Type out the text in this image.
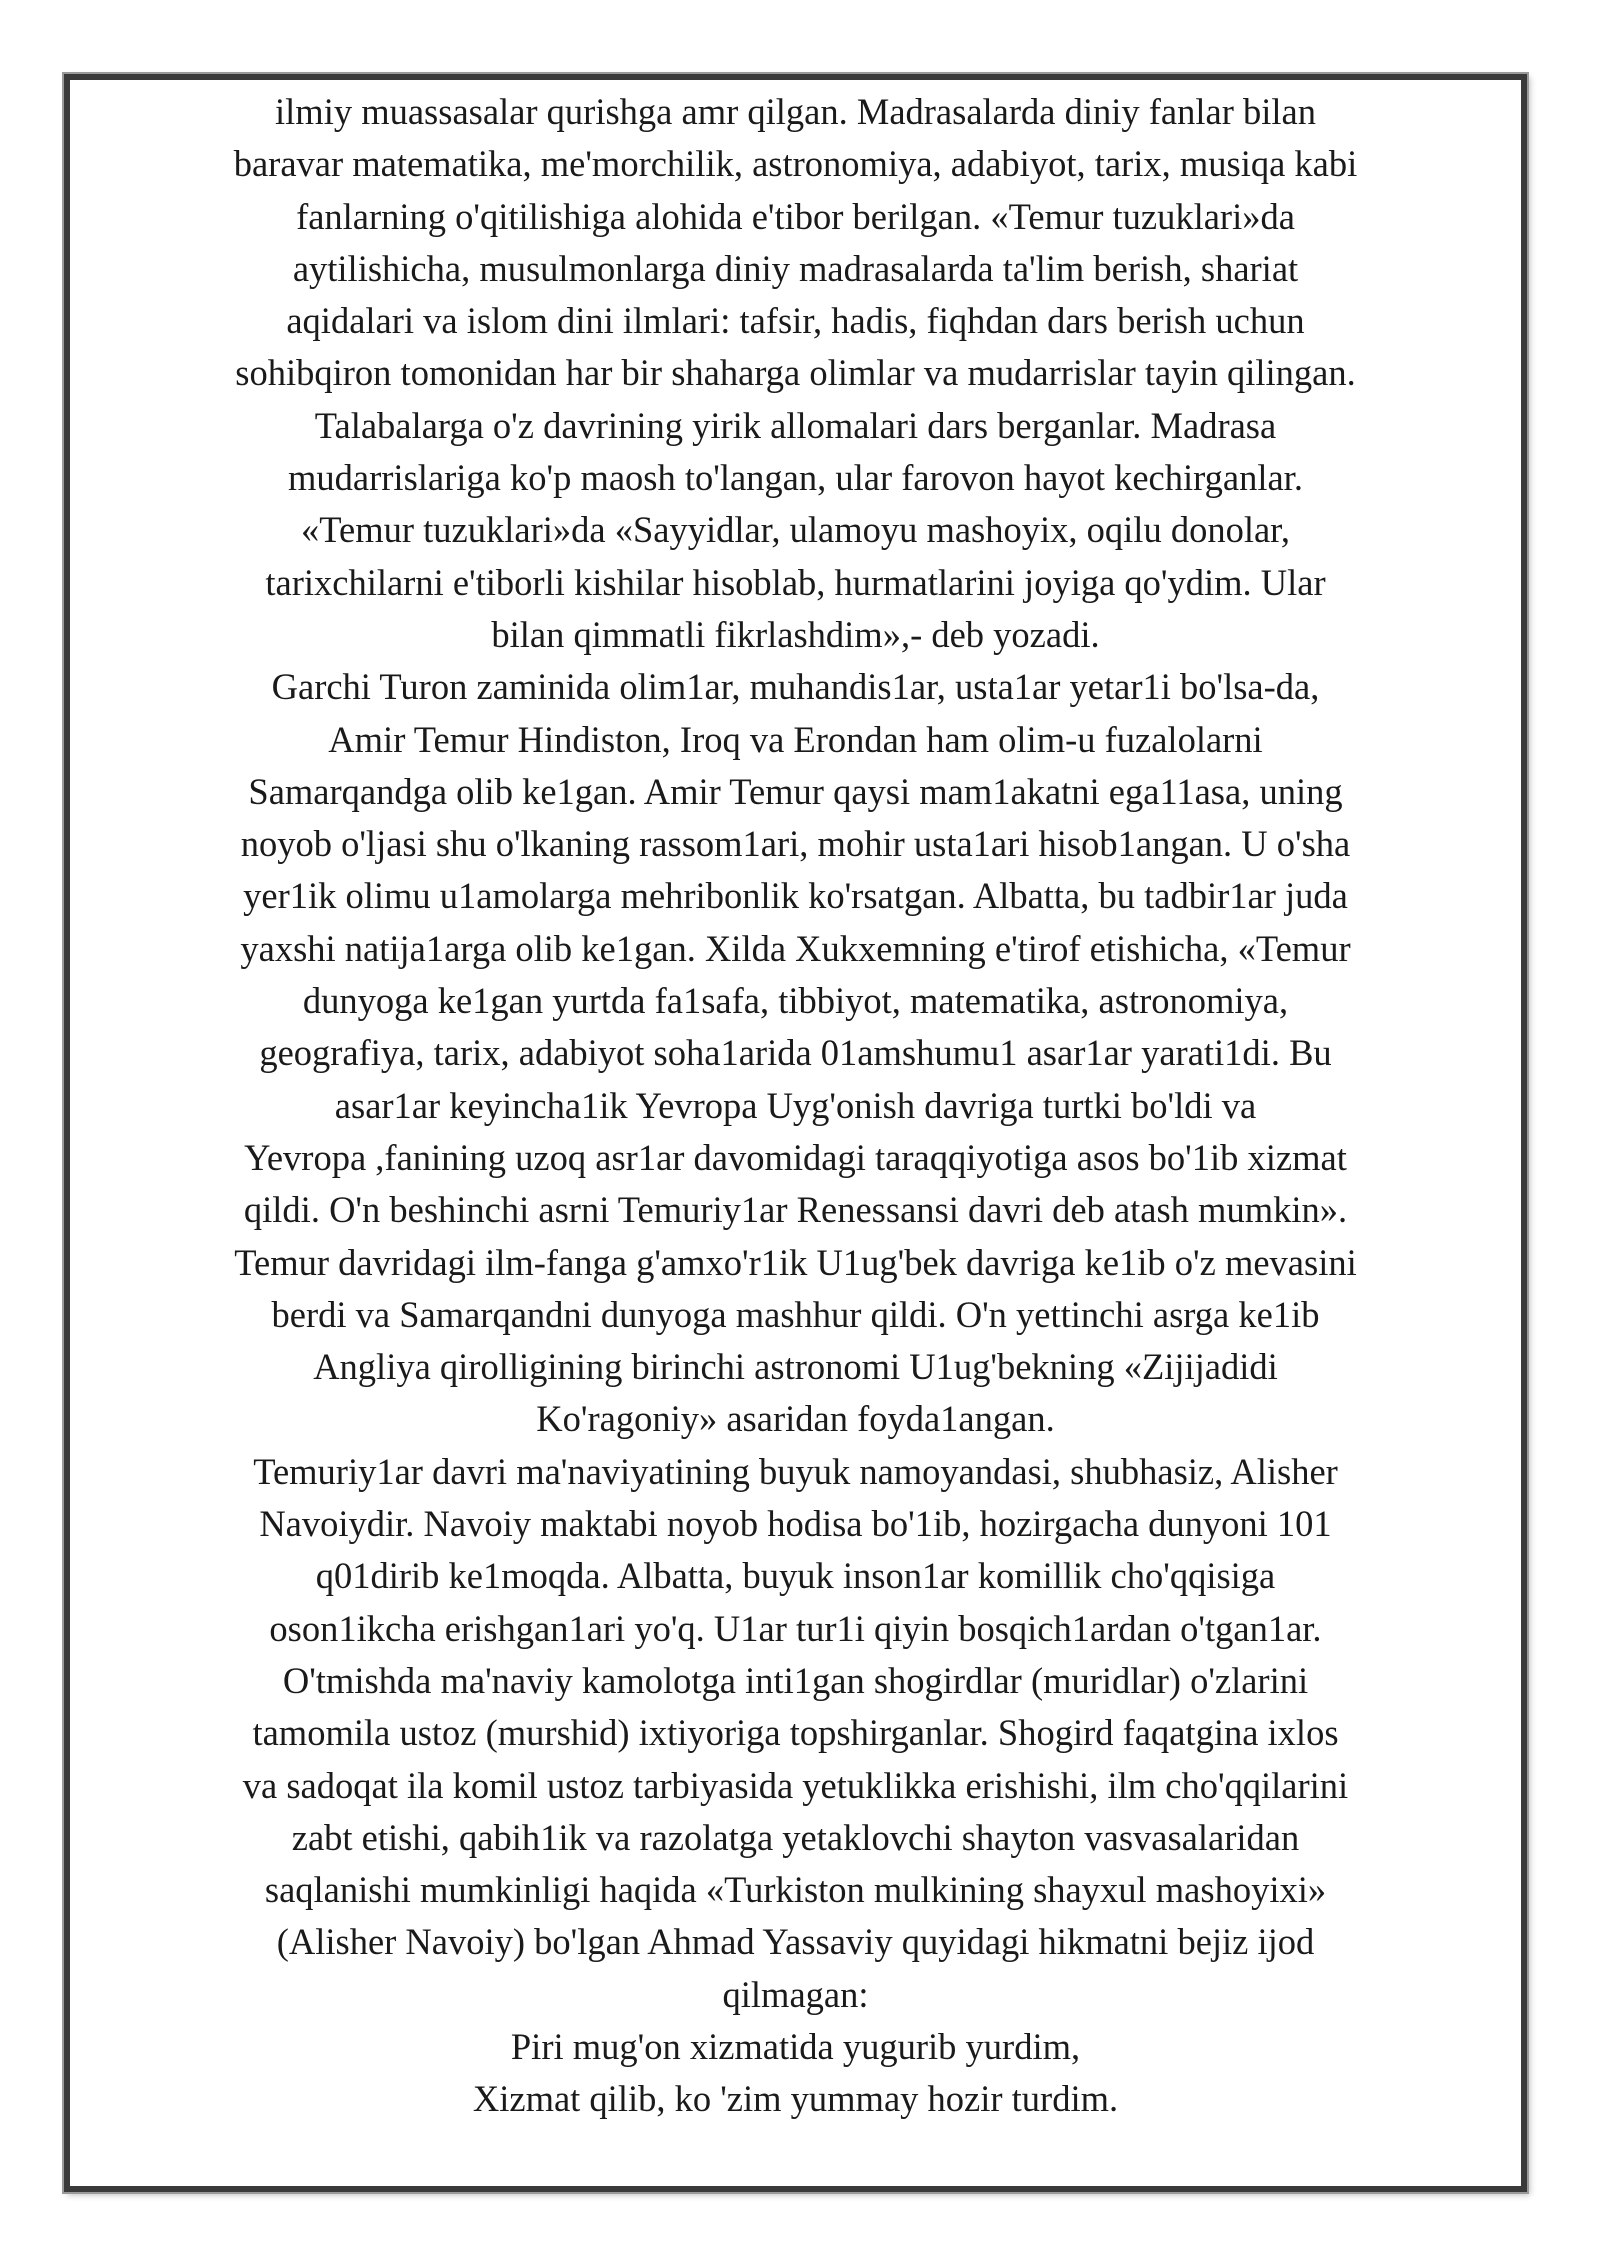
ilmiy muassasalar qurishga amr qilgan. Madrasalarda diniy fanlar bilan
baravar matematika, me'morchilik, astronomiya, adabiyot, tarix, musiqa kabi
fanlarning o'qitilishiga alohida e'tibor berilgan. «Temur tuzuklari»da
aytilishicha, musulmonlarga diniy madrasalarda ta'lim berish, shariat
aqidalari va islom dini ilmlari: tafsir, hadis, fiqhdan dars berish uchun
sohibqiron tomonidan har bir shaharga olimlar va mudarrislar tayin qilingan.
Talabalarga o'z davrining yirik allomalari dars berganlar. Madrasa
mudarrislariga ko'p maosh to'langan, ular farovon hayot kechirganlar.
«Temur tuzuklari»da «Sayyidlar, ulamoyu mashoyix, oqilu donolar,
tarixchilarni e'tiborli kishilar hisoblab, hurmatlarini joyiga qo'ydim. Ular
bilan qimmatli fikrlashdim»,- deb yozadi.
Garchi Turon zaminida olim1ar, muhandis1ar, usta1ar yetar1i bo'lsa-da,
Amir Temur Hindiston, Iroq va Erondan ham olim-u fuzalolarni
Samarqandga olib ke1gan. Amir Temur qaysi mam1akatni ega11asa, uning
noyob o'ljasi shu o'lkaning rassom1ari, mohir usta1ari hisob1angan. U o'sha
yer1ik olimu u1amolarga mehribonlik ko'rsatgan. Albatta, bu tadbir1ar juda
yaxshi natija1arga olib ke1gan. Xilda Xukxemning e'tirof etishicha, «Temur
dunyoga ke1gan yurtda fa1safa, tibbiyot, matematika, astronomiya,
geografiya, tarix, adabiyot soha1arida 01amshumu1 asar1ar yarati1di. Bu
asar1ar keyincha1ik Yevropa Uyg'onish davriga turtki bo'ldi va
Yevropa ,fanining uzoq asr1ar davomidagi taraqqiyotiga asos bo'1ib xizmat
qildi. O'n beshinchi asrni Temuriy1ar Renessansi davri deb atash mumkin».
Temur davridagi ilm-fanga g'amxo'r1ik U1ug'bek davriga ke1ib o'z mevasini
berdi va Samarqandni dunyoga mashhur qildi. O'n yettinchi asrga ke1ib
Angliya qirolligining birinchi astronomi U1ug'bekning «Zijijadidi
Ko'ragoniy» asaridan foyda1angan.
Temuriy1ar davri ma'naviyatining buyuk namoyandasi, shubhasiz, Alisher
Navoiydir. Navoiy maktabi noyob hodisa bo'1ib, hozirgacha dunyoni 101
q01dirib ke1moqda. Albatta, buyuk inson1ar komillik cho'qqisiga
oson1ikcha erishgan1ari yo'q. U1ar tur1i qiyin bosqich1ardan o'tgan1ar.
O'tmishda ma'naviy kamolotga inti1gan shogirdlar (muridlar) o'zlarini
tamomila ustoz (murshid) ixtiyoriga topshirganlar. Shogird faqatgina ixlos
va sadoqat ila komil ustoz tarbiyasida yetuklikka erishishi, ilm cho'qqilarini
zabt etishi, qabih1ik va razolatga yetaklovchi shayton vasvasalaridan
saqlanishi mumkinligi haqida «Turkiston mulkining shayxul mashoyixi»
(Alisher Navoiy) bo'lgan Ahmad Yassaviy quyidagi hikmatni bejiz ijod
qilmagan:
Piri mug'on xizmatida yugurib yurdim,
Xizmat qilib, ko 'zim yummay hozir turdim.
